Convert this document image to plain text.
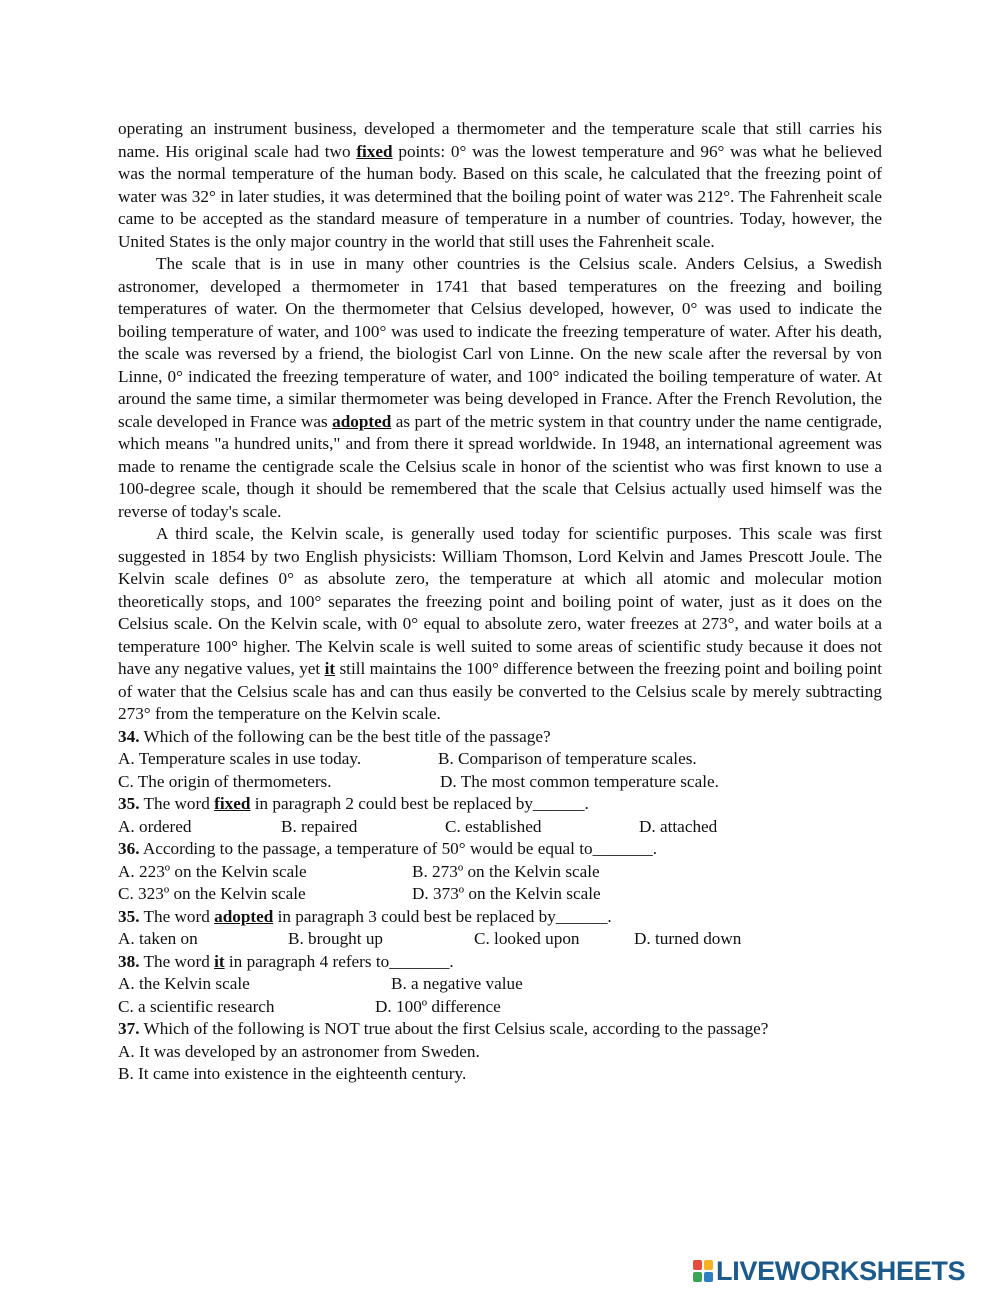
operating an instrument business, developed a thermometer and the temperature scale that still carries his name. His original scale had two fixed points: 0° was the lowest temperature and 96° was what he believed was the normal temperature of the human body. Based on this scale, he calculated that the freezing point of water was 32° in later studies, it was determined that the boiling point of water was 212°. The Fahrenheit scale came to be accepted as the standard measure of temperature in a number of countries. Today, however, the United States is the only major country in the world that still uses the Fahrenheit scale.

The scale that is in use in many other countries is the Celsius scale. Anders Celsius, a Swedish astronomer, developed a thermometer in 1741 that based temperatures on the freezing and boiling temperatures of water. On the thermometer that Celsius developed, however, 0° was used to indicate the boiling temperature of water, and 100° was used to indicate the freezing temperature of water. After his death, the scale was reversed by a friend, the biologist Carl von Linne. On the new scale after the reversal by von Linne, 0° indicated the freezing temperature of water, and 100° indicated the boiling temperature of water. At around the same time, a similar thermometer was being developed in France. After the French Revolution, the scale developed in France was adopted as part of the metric system in that country under the name centigrade, which means "a hundred units," and from there it spread worldwide. In 1948, an international agreement was made to rename the centigrade scale the Celsius scale in honor of the scientist who was first known to use a 100-degree scale, though it should be remembered that the scale that Celsius actually used himself was the reverse of today's scale.

A third scale, the Kelvin scale, is generally used today for scientific purposes. This scale was first suggested in 1854 by two English physicists: William Thomson, Lord Kelvin and James Prescott Joule. The Kelvin scale defines 0° as absolute zero, the temperature at which all atomic and molecular motion theoretically stops, and 100° separates the freezing point and boiling point of water, just as it does on the Celsius scale. On the Kelvin scale, with 0° equal to absolute zero, water freezes at 273°, and water boils at a temperature 100° higher. The Kelvin scale is well suited to some areas of scientific study because it does not have any negative values, yet it still maintains the 100° difference between the freezing point and boiling point of water that the Celsius scale has and can thus easily be converted to the Celsius scale by merely subtracting 273° from the temperature on the Kelvin scale.

34. Which of the following can be the best title of the passage?

A. Temperature scales in use today.	B. Comparison of temperature scales.
C. The origin of thermometers.	D. The most common temperature scale.

35. The word fixed in paragraph 2 could best be replaced by______.

A. ordered	B. repaired	C. established	D. attached

36. According to the passage, a temperature of 50° would be equal to_______.

A. 223º on the Kelvin scale	B. 273º on the Kelvin scale
C. 323º on the Kelvin scale	D. 373º on the Kelvin scale

35. The word adopted in paragraph 3 could best be replaced by______.

A. taken on	B. brought up	C. looked upon	D. turned down

38. The word it in paragraph 4 refers to_______.

A. the Kelvin scale	B. a negative value
C. a scientific research	D. 100º difference

37. Which of the following is NOT true about the first Celsius scale, according to the passage?

A. It was developed by an astronomer from Sweden.
B. It came into existence in the eighteenth century.
LIVEWORKSHEETS
